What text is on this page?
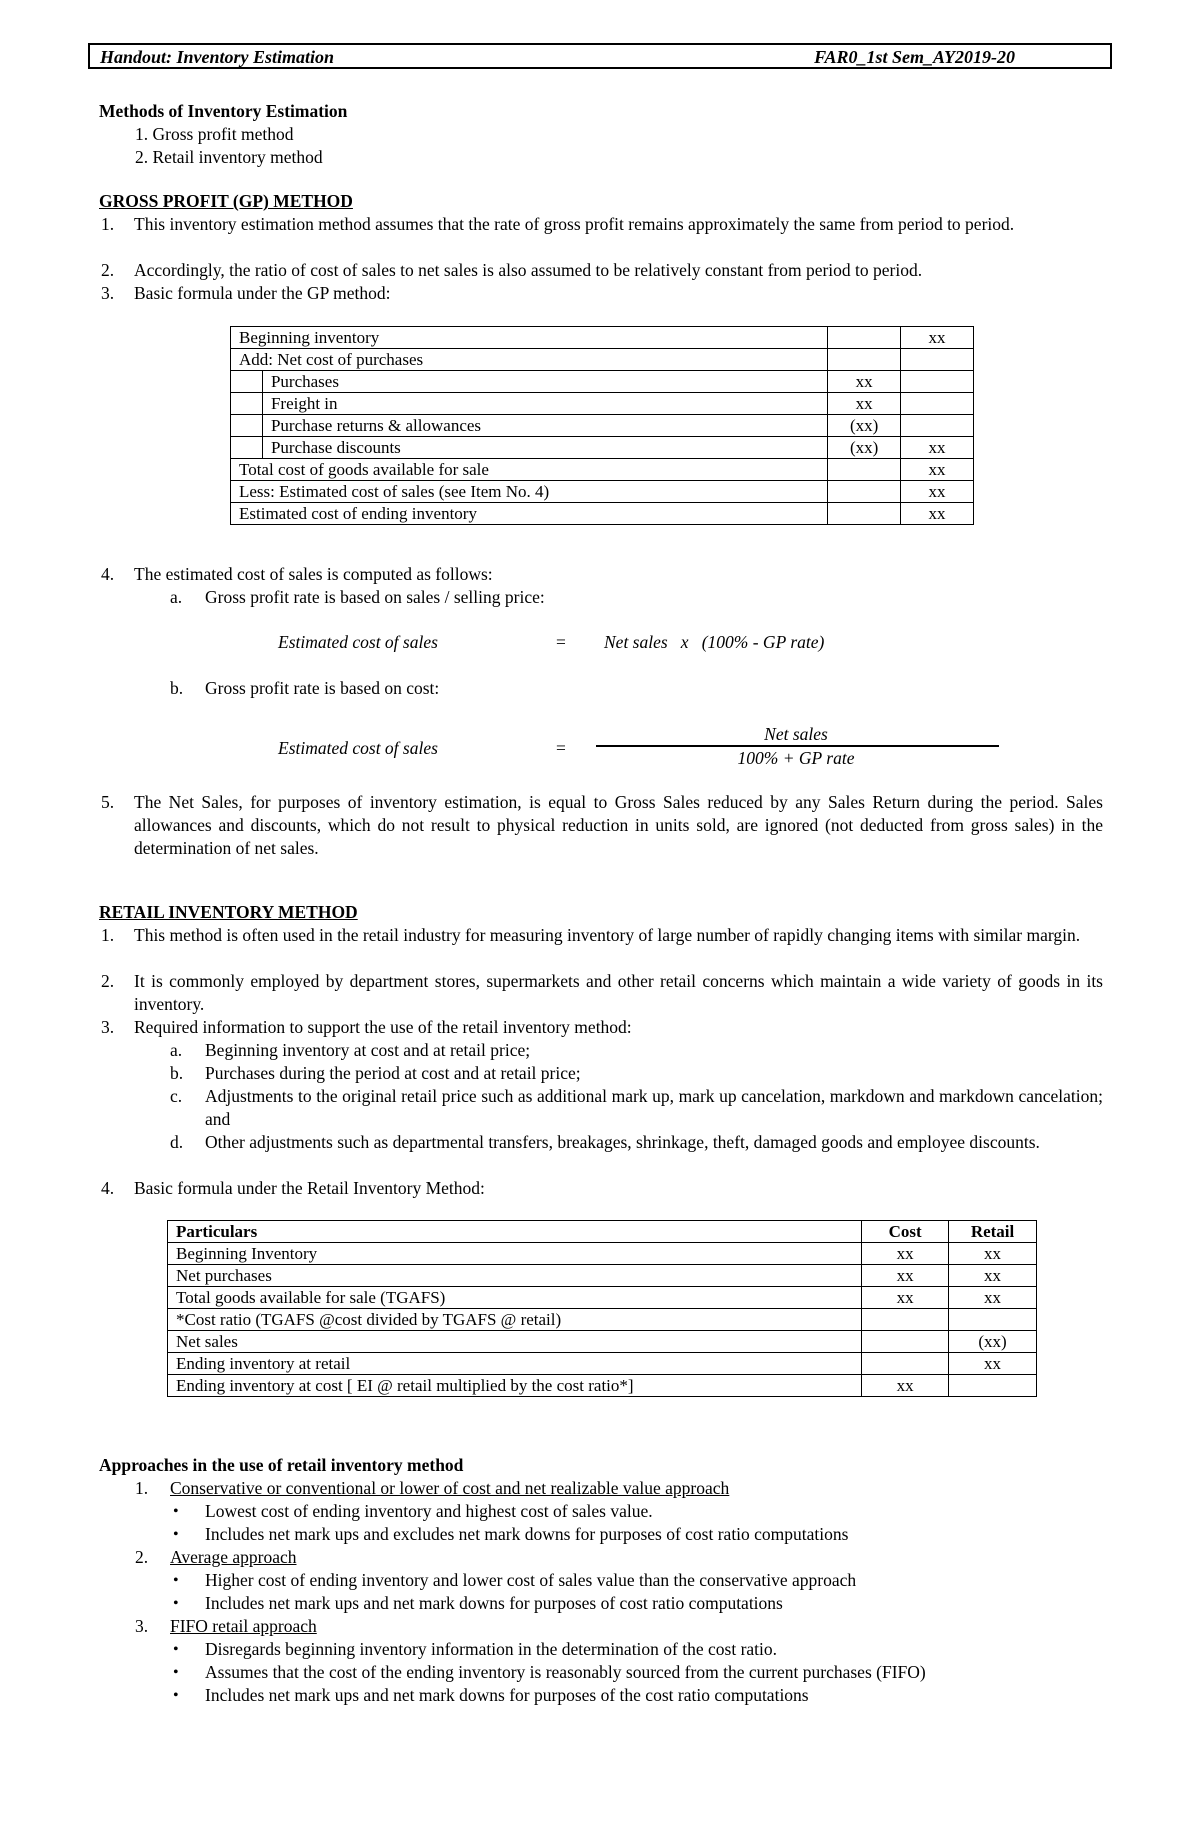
Handout: Inventory Estimation	FAR0_1st Sem_AY2019-20
Methods of Inventory Estimation
1. Gross profit method
2. Retail inventory method
GROSS PROFIT (GP) METHOD
1. This inventory estimation method assumes that the rate of gross profit remains approximately the same from period to period.
2. Accordingly, the ratio of cost of sales to net sales is also assumed to be relatively constant from period to period.
3. Basic formula under the GP method:
Beginning inventory			xx
Add: Net cost of purchases			
	Purchases	xx	
	Freight in	xx	
	Purchase returns & allowances	(xx)	
	Purchase discounts	(xx)	xx
Total cost of goods available for sale			xx
Less: Estimated cost of sales (see Item No. 4)			xx
Estimated cost of ending inventory			xx
4. The estimated cost of sales is computed as follows:
a. Gross profit rate is based on sales / selling price:
Estimated cost of sales	= Net sales   x   (100% - GP rate)
b. Gross profit rate is based on cost:
Estimated cost of sales	=
Net sales
100% + GP rate
5. The Net Sales, for purposes of inventory estimation, is equal to Gross Sales reduced by any Sales Return during the period. Sales allowances and discounts, which do not result to physical reduction in units sold, are ignored (not deducted from gross sales) in the determination of net sales.
RETAIL INVENTORY METHOD
1. This method is often used in the retail industry for measuring inventory of large number of rapidly changing items with similar margin.
2. It is commonly employed by department stores, supermarkets and other retail concerns which maintain a wide variety of goods in its inventory.
3. Required information to support the use of the retail inventory method:
a. Beginning inventory at cost and at retail price;
b. Purchases during the period at cost and at retail price;
c. Adjustments to the original retail price such as additional mark up, mark up cancelation, markdown and markdown cancelation; and
d. Other adjustments such as departmental transfers, breakages, shrinkage, theft, damaged goods and employee discounts.
4. Basic formula under the Retail Inventory Method:
Particulars	Cost	Retail
Beginning Inventory	xx	xx
Net purchases	xx	xx
Total goods available for sale (TGAFS)	xx	xx
*Cost ratio (TGAFS @cost divided by TGAFS @ retail)		
Net sales		(xx)
Ending inventory at retail		xx
Ending inventory at cost [ EI @ retail multiplied by the cost ratio*]	xx	
Approaches in the use of retail inventory method
1. Conservative or conventional or lower of cost and net realizable value approach
• Lowest cost of ending inventory and highest cost of sales value.
• Includes net mark ups and excludes net mark downs for purposes of cost ratio computations
2. Average approach
• Higher cost of ending inventory and lower cost of sales value than the conservative approach
• Includes net mark ups and net mark downs for purposes of cost ratio computations
3. FIFO retail approach
• Disregards beginning inventory information in the determination of the cost ratio.
• Assumes that the cost of the ending inventory is reasonably sourced from the current purchases (FIFO)
• Includes net mark ups and net mark downs for purposes of the cost ratio computations
